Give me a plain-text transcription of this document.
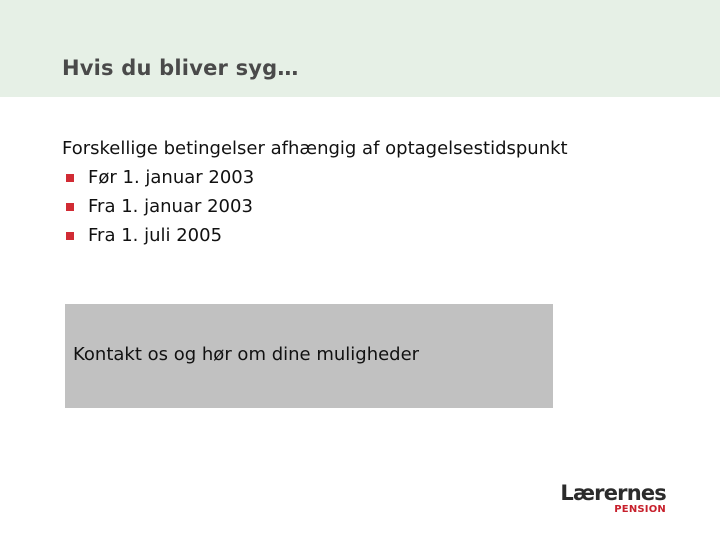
Hvis du bliver syg…
Forskellige betingelser afhængig af optagelsestidspunkt
Før 1. januar 2003
Fra 1. januar 2003
Fra 1. juli 2005
Kontakt os og hør om dine muligheder
Lærernes
PENSION
